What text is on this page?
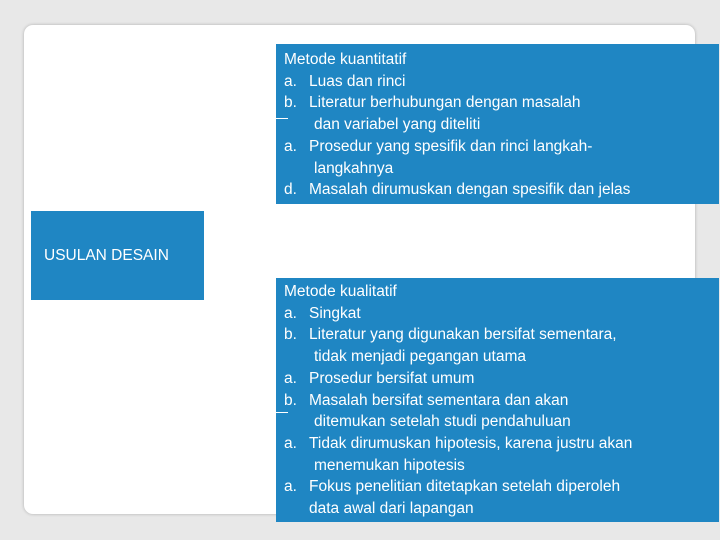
Metode kuantitatif
a. Luas dan rinci
b. Literatur berhubungan dengan masalah
dan variabel yang diteliti
a. Prosedur yang spesifik dan rinci langkah-
langkahnya
d. Masalah dirumuskan dengan spesifik dan jelas
USULAN DESAIN
Metode kualitatif
a. Singkat
b. Literatur yang digunakan bersifat sementara,
tidak menjadi pegangan utama
a. Prosedur bersifat umum
b. Masalah bersifat sementara dan akan
ditemukan setelah studi pendahuluan
a. Tidak dirumuskan hipotesis, karena justru akan
menemukan hipotesis
a. Fokus penelitian ditetapkan setelah diperoleh
data awal dari lapangan
